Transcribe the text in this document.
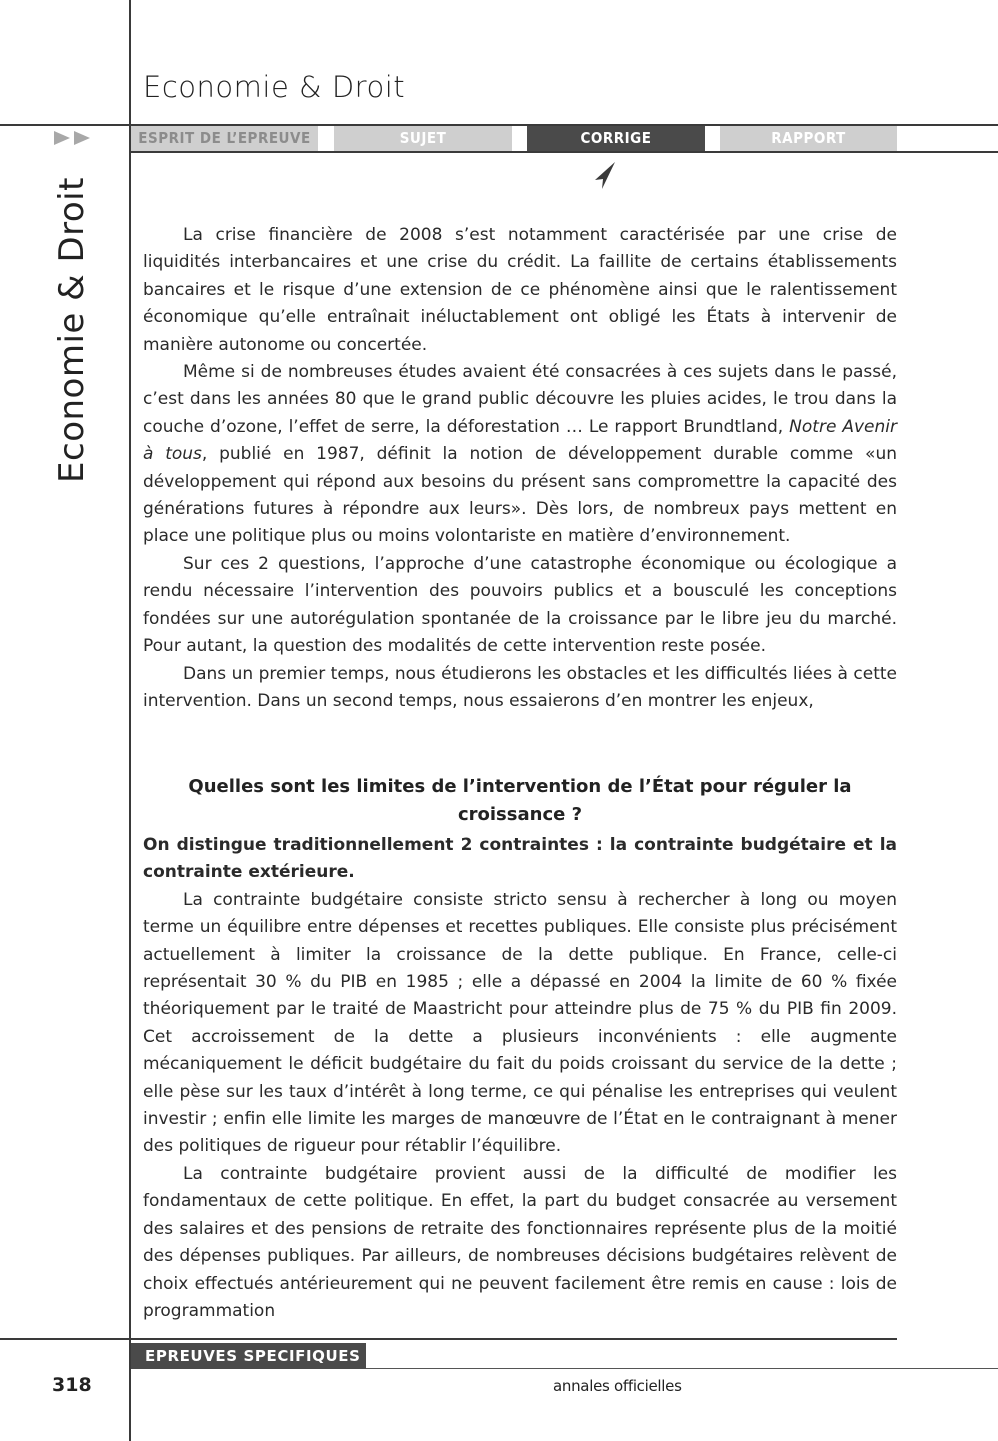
Economie & Droit
Economie & Droit
ESPRIT DE L’EPREUVE	SUJET	CORRIGE	RAPPORT

La crise financière de 2008 s’est notamment caractérisée par une crise de liquidités interbancaires et une crise du crédit. La faillite de certains établissements bancaires et le risque d’une extension de ce phénomène ainsi que le ralentissement économique qu’elle entraînait inéluctablement ont obligé les États à intervenir de manière autonome ou concertée.

Même si de nombreuses études avaient été consacrées à ces sujets dans le passé, c’est dans les années 80 que le grand public découvre les pluies acides, le trou dans la couche d’ozone, l’effet de serre, la déforestation … Le rapport Brundtland, Notre Avenir à tous, publié en 1987, définit la notion de développement durable comme «un développement qui répond aux besoins du présent sans compromettre la capacité des générations futures à répondre aux leurs». Dès lors, de nombreux pays mettent en place une politique plus ou moins volontariste en matière d’environnement.

Sur ces 2 questions, l’approche d’une catastrophe économique ou écologique a rendu nécessaire l’intervention des pouvoirs publics et a bousculé les conceptions fondées sur une autorégulation spontanée de la croissance par le libre jeu du marché. Pour autant, la question des modalités de cette intervention reste posée.

Dans un premier temps, nous étudierons les obstacles et les difficultés liées à cette intervention. Dans un second temps, nous essaierons d’en montrer les enjeux,

Quelles sont les limites de l’intervention de l’État pour réguler la croissance ?

On distingue traditionnellement 2 contraintes : la contrainte budgétaire et la contrainte extérieure.

La contrainte budgétaire consiste stricto sensu à rechercher à long ou moyen terme un équilibre entre dépenses et recettes publiques. Elle consiste plus précisément actuellement à limiter la croissance de la dette publique. En France, celle-ci représentait 30 % du PIB en 1985 ; elle a dépassé en 2004 la limite de 60 % fixée théoriquement par le traité de Maastricht pour atteindre plus de 75 % du PIB fin 2009. Cet accroissement de la dette a plusieurs inconvénients : elle augmente mécaniquement le déficit budgétaire du fait du poids croissant du service de la dette ; elle pèse sur les taux d’intérêt à long terme, ce qui pénalise les entreprises qui veulent investir ; enfin elle limite les marges de manœuvre de l’État en le contraignant à mener des politiques de rigueur pour rétablir l’équilibre.

La contrainte budgétaire provient aussi de la difficulté de modifier les fondamentaux de cette politique. En effet, la part du budget consacrée au versement des salaires et des pensions de retraite des fonctionnaires représente plus de la moitié des dépenses publiques. Par ailleurs, de nombreuses décisions budgétaires relèvent de choix effectués antérieurement qui ne peuvent facilement être remis en cause : lois de programmation

EPREUVES SPECIFIQUES
318	annales officielles
